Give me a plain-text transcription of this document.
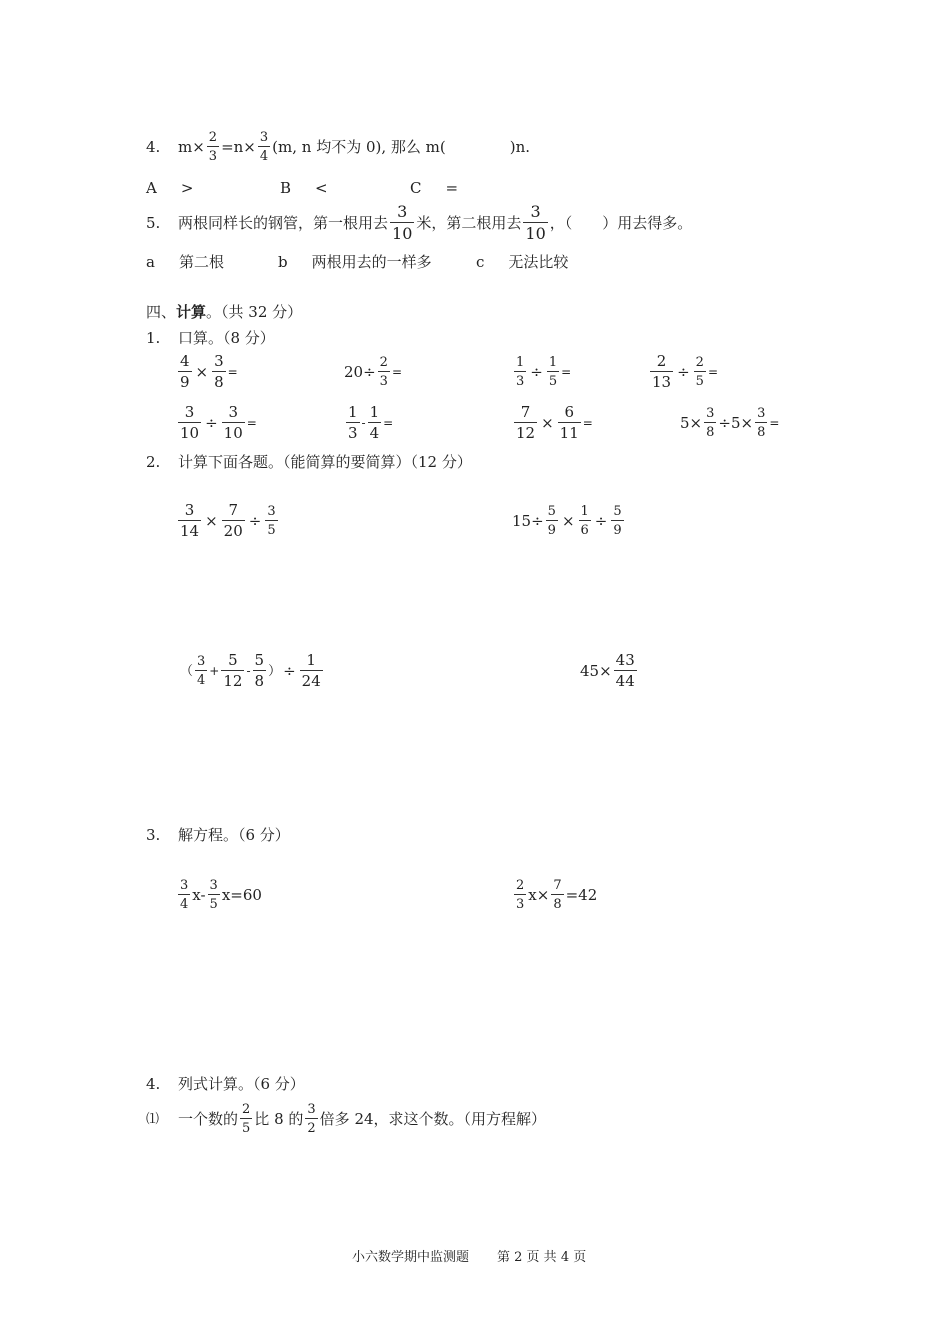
4.	$m\times \frac{2}{3} =n\times \frac{3}{4} (m$, n 均不为 0), 那么 m(	)n.
A >	B <	C =
5.	两根同样长的钢管，第一根用去 $\frac{3}{10}$ 米，第二根用去 $\frac{3}{10}$ ，（　　）用去得多。
a 第二根	b 两根用去的一样多	c 无法比较
四、 计算 。（共 32 分）
1.	口算。（8 分）
$\frac{4}{9} \times \frac{3}{8}$ =	$20\div \frac{2}{3}$ =	$\frac{1}{3} \div \frac{1}{5}$ =	$\frac{2}{13} \div \frac{2}{5}$ =
$\frac{3}{10} \div \frac{3}{10}$ =	$\frac{1}{3} - \frac{1}{4}$ =	$\frac{7}{12} \times \frac{6}{11}$ =	$5\times \frac{3}{8} \div 5\times \frac{3}{8}$ =
2.	计算下面各题。（能简算的要简算）（12 分）
$\frac{3}{14} \times \frac{7}{20} \div \frac{3}{5}$	$15\div \frac{5}{9} \times \frac{1}{6} \div \frac{5}{9}$
（ $\frac{3}{4} + \frac{5}{12} - \frac{5}{8}$ ） ÷ $\frac{1}{24}$	$45\times \frac{43}{44}$
3.	解方程。（6 分）
$\frac{3}{4} x- \frac{3}{5} x=60$	$\frac{2}{3} x\times \frac{7}{8} =42$
4.	列式计算。（6 分）
⑴	一个数的 $\frac{2}{5}$ 比 8 的 $\frac{3}{2}$ 倍多 24，求这个数。（用方程解）
小六数学期中监测题 第 2 页 共 4 页
